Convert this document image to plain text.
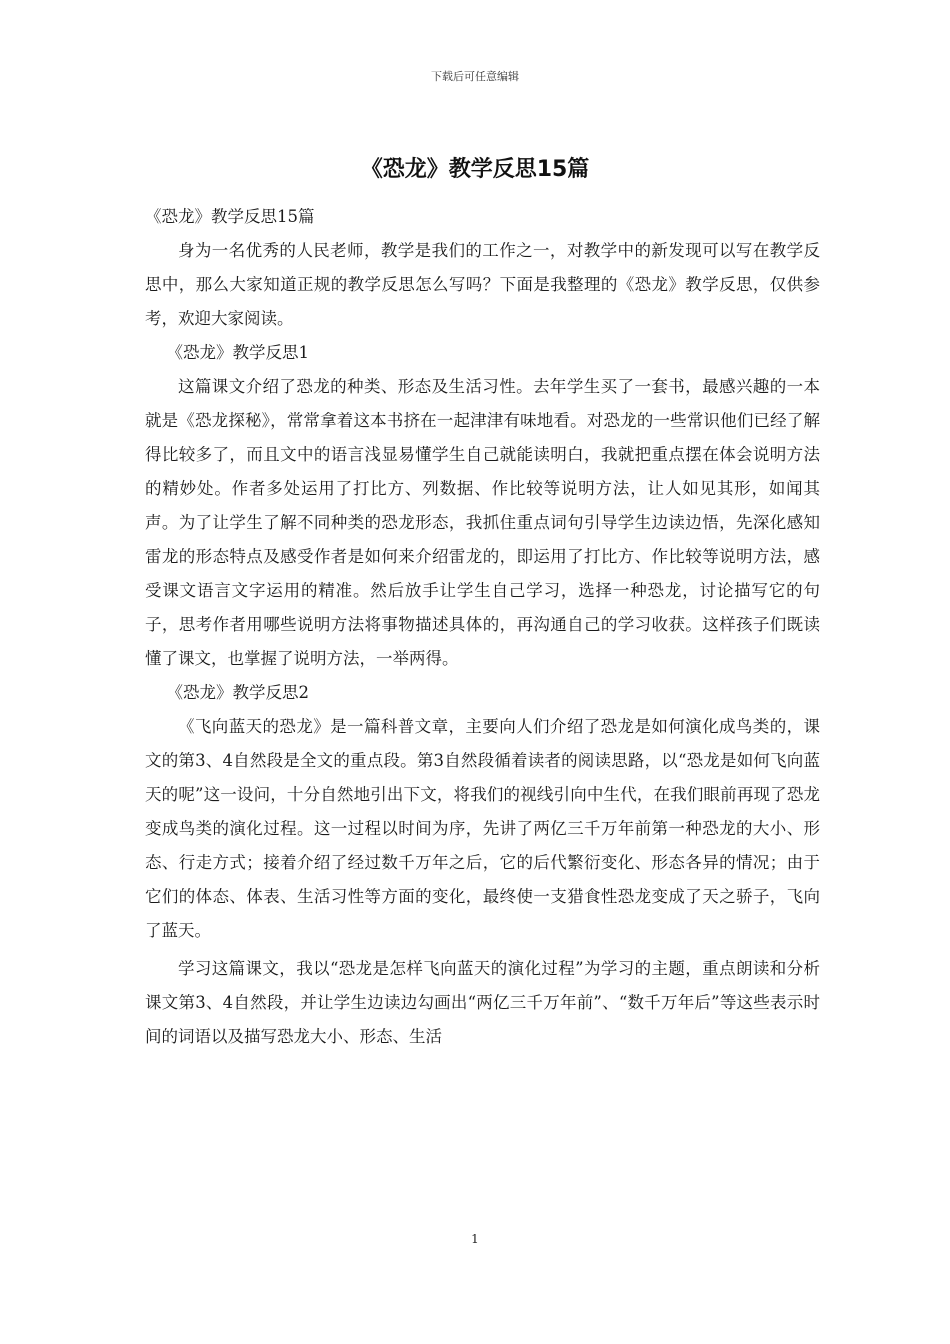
下载后可任意编辑
《恐龙》教学反思15篇

《恐龙》教学反思15篇

身为一名优秀的人民老师，教学是我们的工作之一，对教学中的新发现可以写在教学反思中，那么大家知道正规的教学反思怎么写吗？下面是我整理的《恐龙》教学反思，仅供参考，欢迎大家阅读。

《恐龙》教学反思1

这篇课文介绍了恐龙的种类、形态及生活习性。去年学生买了一套书，最感兴趣的一本就是《恐龙探秘》，常常拿着这本书挤在一起津津有味地看。对恐龙的一些常识他们已经了解得比较多了，而且文中的语言浅显易懂学生自己就能读明白，我就把重点摆在体会说明方法的精妙处。作者多处运用了打比方、列数据、作比较等说明方法，让人如见其形，如闻其声。为了让学生了解不同种类的恐龙形态，我抓住重点词句引导学生边读边悟，先深化感知雷龙的形态特点及感受作者是如何来介绍雷龙的，即运用了打比方、作比较等说明方法，感受课文语言文字运用的精准。然后放手让学生自己学习，选择一种恐龙，讨论描写它的句子，思考作者用哪些说明方法将事物描述具体的，再沟通自己的学习收获。这样孩子们既读懂了课文，也掌握了说明方法，一举两得。

《恐龙》教学反思2

《飞向蓝天的恐龙》是一篇科普文章，主要向人们介绍了恐龙是如何演化成鸟类的，课文的第3、4自然段是全文的重点段。第3自然段循着读者的阅读思路，以“恐龙是如何飞向蓝天的呢”这一设问，十分自然地引出下文，将我们的视线引向中生代，在我们眼前再现了恐龙变成鸟类的演化过程。这一过程以时间为序，先讲了两亿三千万年前第一种恐龙的大小、形态、行走方式；接着介绍了经过数千万年之后，它的后代繁衍变化、形态各异的情况；由于它们的体态、体表、生活习性等方面的变化，最终使一支猎食性恐龙变成了天之骄子，飞向了蓝天。

学习这篇课文，我以“恐龙是怎样飞向蓝天的演化过程”为学习的主题，重点朗读和分析课文第3、4自然段，并让学生边读边勾画出“两亿三千万年前”、“数千万年后”等这些表示时间的词语以及描写恐龙大小、形态、生活

1
